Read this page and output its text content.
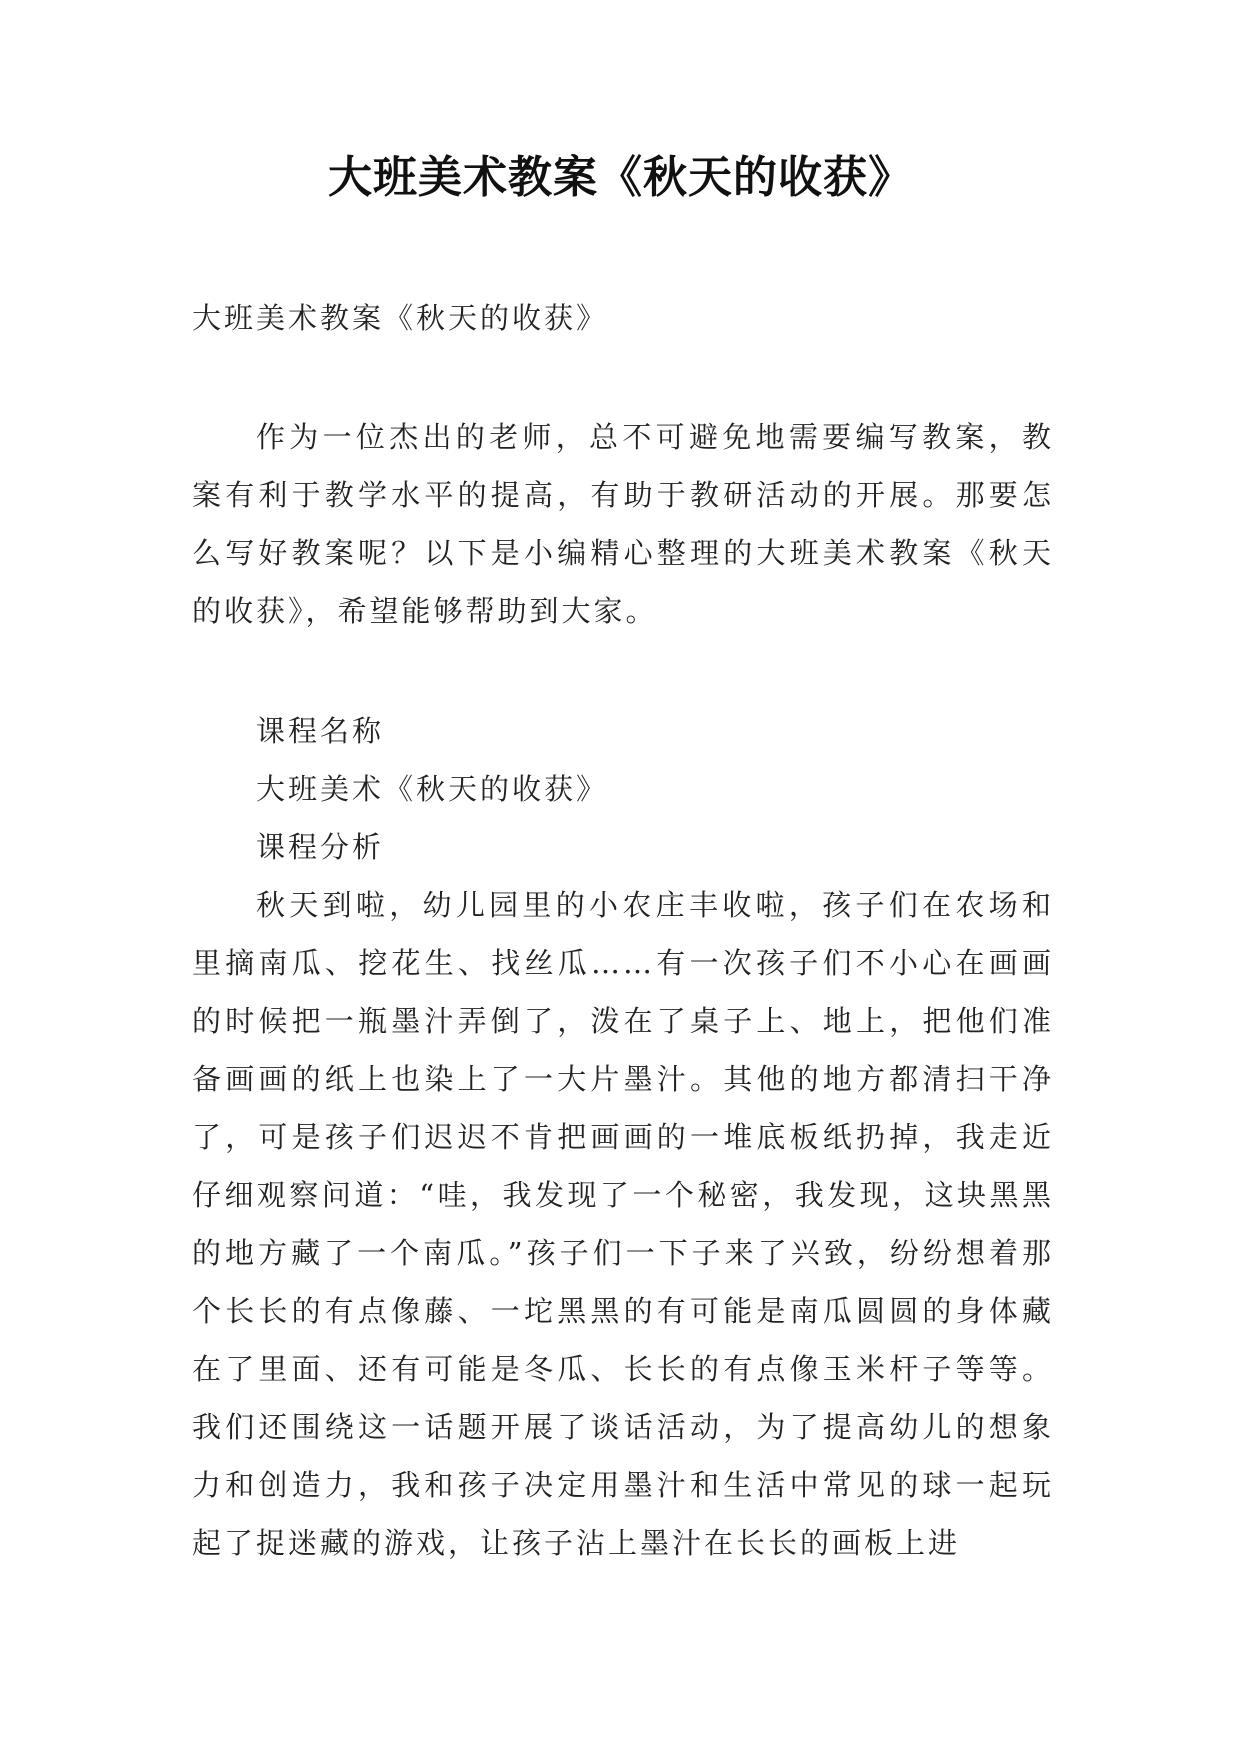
大班美术教案《秋天的收获》
大班美术教案《秋天的收获》

作为一位杰出的老师，总不可避免地需要编写教案，教案有利于教学水平的提高，有助于教研活动的开展。那要怎么写好教案呢？以下是小编精心整理的大班美术教案《秋天的收获》，希望能够帮助到大家。

课程名称
大班美术《秋天的收获》
课程分析

秋天到啦，幼儿园里的小农庄丰收啦，孩子们在农场和里摘南瓜、挖花生、找丝瓜……有一次孩子们不小心在画画的时候把一瓶墨汁弄倒了，泼在了桌子上、地上，把他们准备画画的纸上也染上了一大片墨汁。其他的地方都清扫干净了，可是孩子们迟迟不肯把画画的一堆底板纸扔掉，我走近仔细观察问道：“哇，我发现了一个秘密，我发现，这块黑黑的地方藏了一个南瓜。”孩子们一下子来了兴致，纷纷想着那个长长的有点像藤、一坨黑黑的有可能是南瓜圆圆的身体藏在了里面、还有可能是冬瓜、长长的有点像玉米杆子等等。我们还围绕这一话题开展了谈话活动，为了提高幼儿的想象力和创造力，我和孩子决定用墨汁和生活中常见的球一起玩起了捉迷藏的游戏，让孩子沾上墨汁在长长的画板上进
